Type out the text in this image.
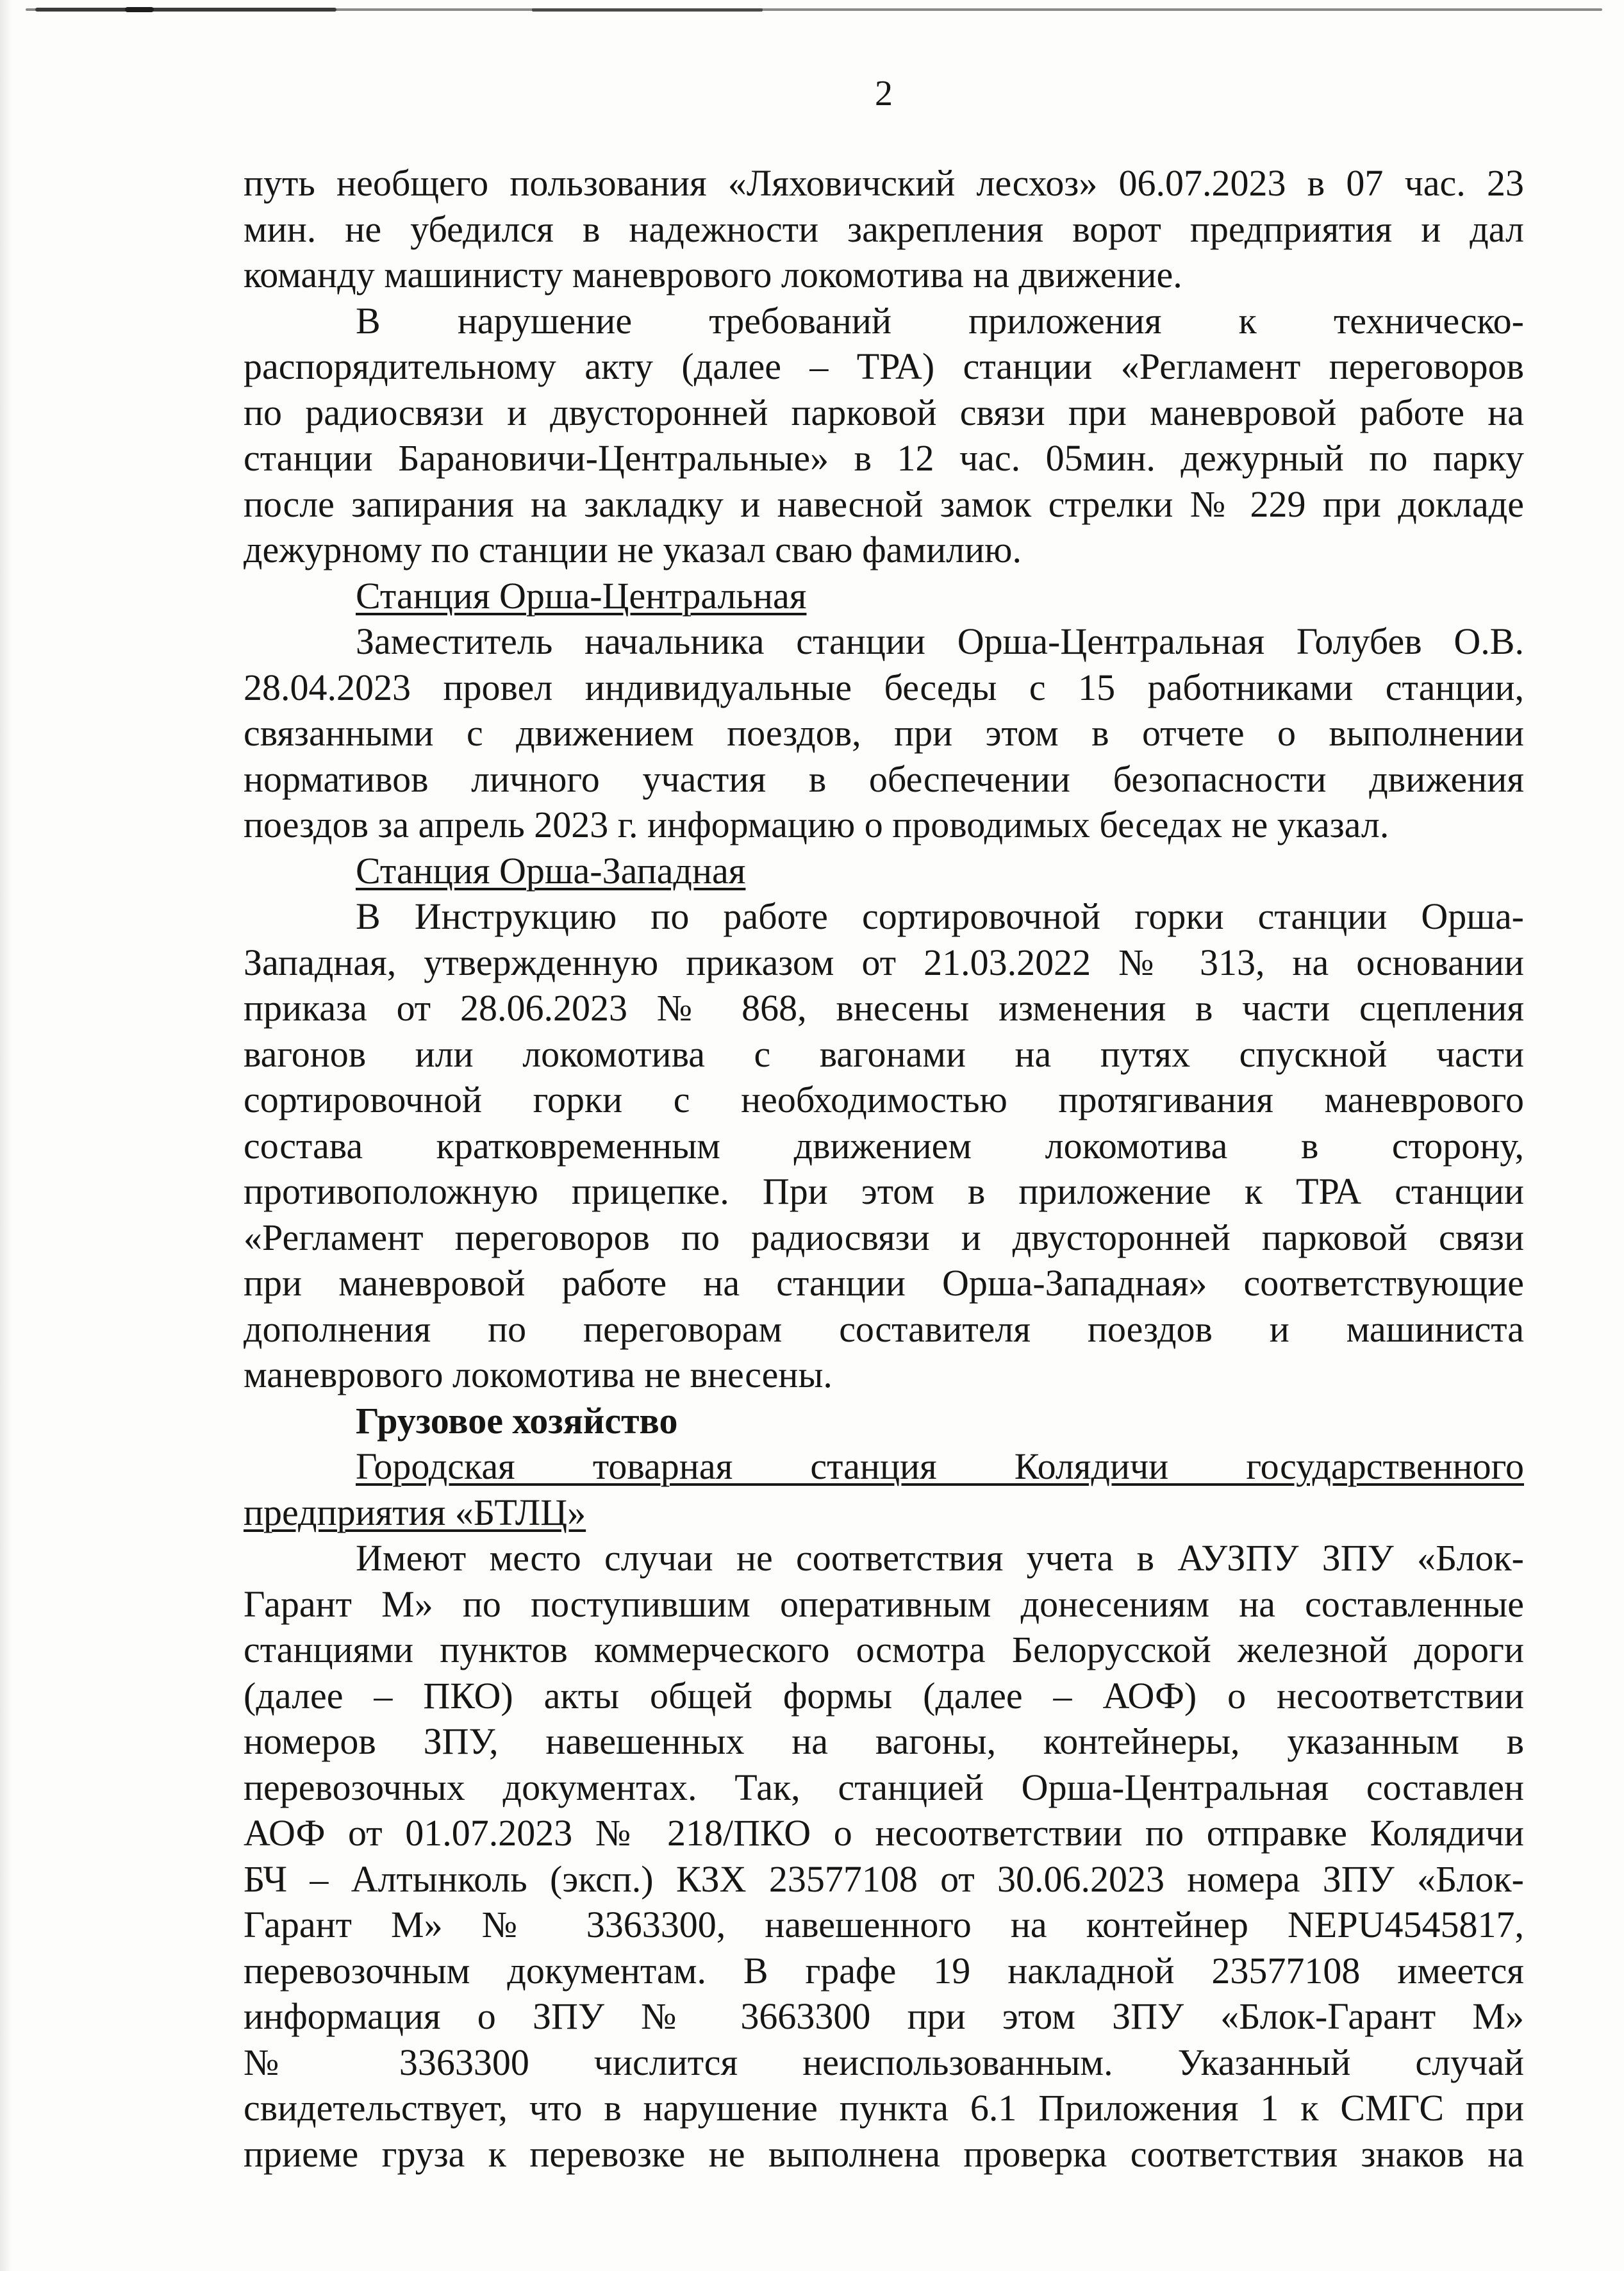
2
путь необщего пользования «Ляховичский лесхоз» 06.07.2023 в 07 час. 23
мин. не убедился в надежности закрепления ворот предприятия и дал
команду машинисту маневрового локомотива на движение.
В нарушение требований приложения к техническо-
распорядительному акту (далее – ТРА) станции «Регламент переговоров
по радиосвязи и двусторонней парковой связи при маневровой работе на
станции Барановичи-Центральные» в 12 час. 05мин. дежурный по парку
после запирания на закладку и навесной замок стрелки № 229 при докладе
дежурному по станции не указал сваю фамилию.
Станция Орша-Центральная
Заместитель начальника станции Орша-Центральная Голубев О.В.
28.04.2023 провел индивидуальные беседы с 15 работниками станции,
связанными с движением поездов, при этом в отчете о выполнении
нормативов личного участия в обеспечении безопасности движения
поездов за апрель 2023 г. информацию о проводимых беседах не указал.
Станция Орша-Западная
В Инструкцию по работе сортировочной горки станции Орша-
Западная, утвержденную приказом от 21.03.2022 № 313, на основании
приказа от 28.06.2023 № 868, внесены изменения в части сцепления
вагонов или локомотива с вагонами на путях спускной части
сортировочной горки с необходимостью протягивания маневрового
состава кратковременным движением локомотива в сторону,
противоположную прицепке. При этом в приложение к ТРА станции
«Регламент переговоров по радиосвязи и двусторонней парковой связи
при маневровой работе на станции Орша-Западная» соответствующие
дополнения по переговорам составителя поездов и машиниста
маневрового локомотива не внесены.
Грузовое хозяйство
Городская товарная станция Колядичи государственного
предприятия «БТЛЦ»
Имеют место случаи не соответствия учета в АУЗПУ ЗПУ «Блок-
Гарант М» по поступившим оперативным донесениям на составленные
станциями пунктов коммерческого осмотра Белорусской железной дороги
(далее – ПКО) акты общей формы (далее – АОФ) о несоответствии
номеров ЗПУ, навешенных на вагоны, контейнеры, указанным в
перевозочных документах. Так, станцией Орша-Центральная составлен
АОФ от 01.07.2023 № 218/ПКО о несоответствии по отправке Колядичи
БЧ – Алтынколь (эксп.) КЗХ 23577108 от 30.06.2023 номера ЗПУ «Блок-
Гарант М» № 3363300, навешенного на контейнер NEPU4545817,
перевозочным документам. В графе 19 накладной 23577108 имеется
информация о ЗПУ № 3663300 при этом ЗПУ «Блок-Гарант М»
№ 3363300 числится неиспользованным. Указанный случай
свидетельствует, что в нарушение пункта 6.1 Приложения 1 к СМГС при
приеме груза к перевозке не выполнена проверка соответствия знаков на
